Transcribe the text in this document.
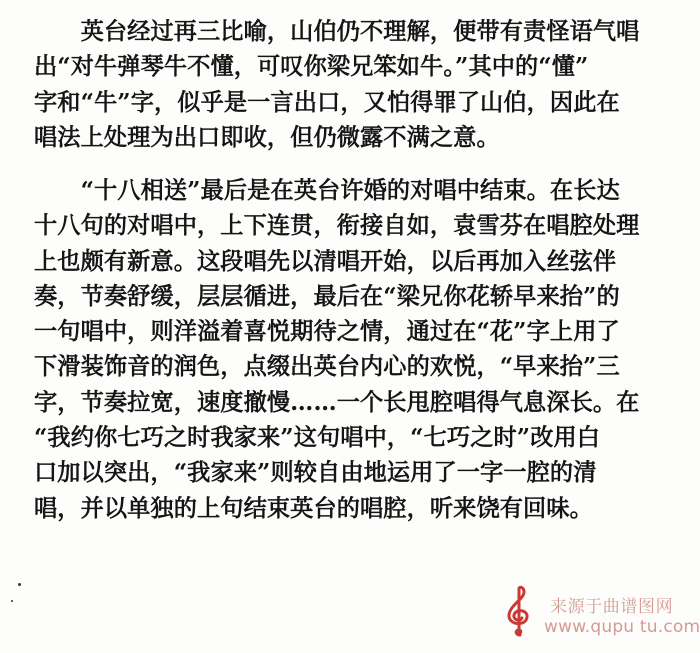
　　英台经过再三比喻，山伯仍不理解，便带有责怪语气唱
出“对牛弹琴牛不懂，可叹你梁兄笨如牛。”其中的“懂”
字和“牛”字，似乎是一言出口，又怕得罪了山伯，因此在
唱法上处理为出口即收，但仍微露不满之意。

　　“十八相送”最后是在英台许婚的对唱中结束。在长达
十八句的对唱中，上下连贯，衔接自如，袁雪芬在唱腔处理
上也颇有新意。这段唱先以清唱开始，以后再加入丝弦伴
奏，节奏舒缓，层层循进，最后在“梁兄你花轿早来抬”的
一句唱中，则洋溢着喜悦期待之情，通过在“花”字上用了
下滑装饰音的润色，点缀出英台内心的欢悦，“早来抬”三
字，节奏拉宽，速度撤慢……一个长甩腔唱得气息深长。在
“我约你七巧之时我家来”这句唱中，“七巧之时”改用白
口加以突出，“我家来”则较自由地运用了一字一腔的清
唱，并以单独的上句结束英台的唱腔，听来饶有回味。

来源于曲谱图网
www.qupu tu.com
